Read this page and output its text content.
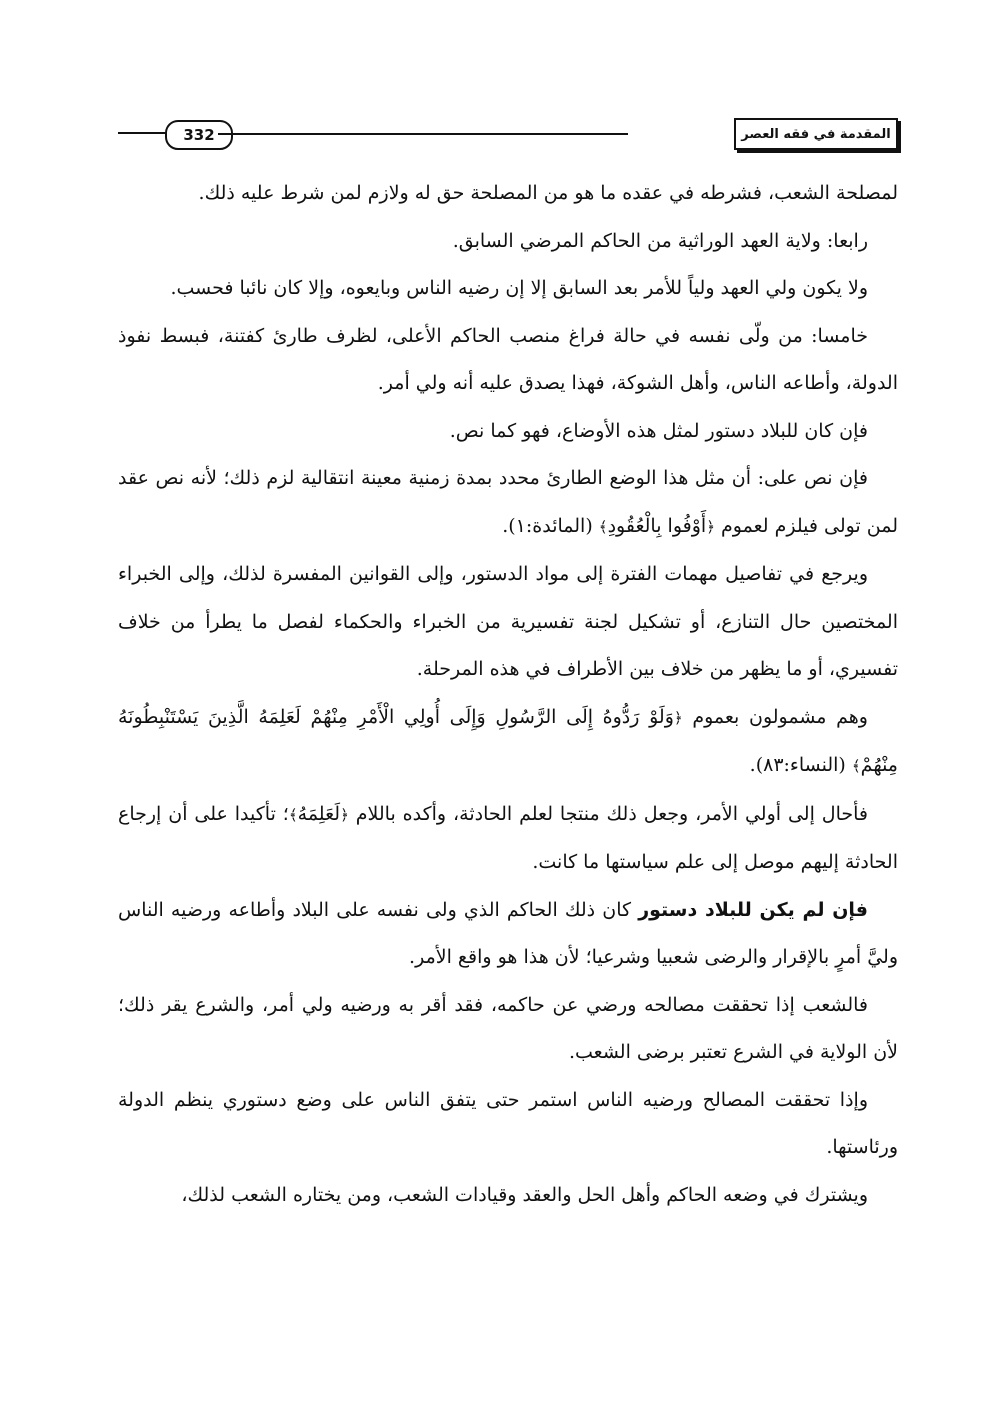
332	المقدمة في فقه العصر

لمصلحة الشعب، فشرطه في عقده ما هو من المصلحة حق له ولازم لمن شرط عليه ذلك.

رابعا: ولاية العهد الوراثية من الحاكم المرضي السابق.

ولا يكون ولي العهد ولياً للأمر بعد السابق إلا إن رضيه الناس وبايعوه، وإلا كان نائبا فحسب.

خامسا: من ولّى نفسه في حالة فراغ منصب الحاكم الأعلى، لظرف طارئ كفتنة، فبسط نفوذ الدولة، وأطاعه الناس، وأهل الشوكة، فهذا يصدق عليه أنه ولي أمر.

فإن كان للبلاد دستور لمثل هذه الأوضاع، فهو كما نص.

فإن نص على: أن مثل هذا الوضع الطارئ محدد بمدة زمنية معينة انتقالية لزم ذلك؛ لأنه نص عقد لمن تولى فيلزم لعموم ﴿أَوْفُوا بِالْعُقُودِ﴾ (المائدة:١).

ويرجع في تفاصيل مهمات الفترة إلى مواد الدستور، وإلى القوانين المفسرة لذلك، وإلى الخبراء المختصين حال التنازع، أو تشكيل لجنة تفسيرية من الخبراء والحكماء لفصل ما يطرأ من خلاف تفسيري، أو ما يظهر من خلاف بين الأطراف في هذه المرحلة.

وهم مشمولون بعموم ﴿وَلَوْ رَدُّوهُ إِلَى الرَّسُولِ وَإِلَى أُولِي الْأَمْرِ مِنْهُمْ لَعَلِمَهُ الَّذِينَ يَسْتَنْبِطُونَهُ مِنْهُمْ﴾ (النساء:٨٣).

فأحال إلى أولي الأمر، وجعل ذلك منتجا لعلم الحادثة، وأكده باللام ﴿لَعَلِمَهُ﴾؛ تأكيدا على أن إرجاع الحادثة إليهم موصل إلى علم سياستها ما كانت.

فإن لم يكن للبلاد دستور كان ذلك الحاكم الذي ولى نفسه على البلاد وأطاعه ورضيه الناس وليَّ أمرٍ بالإقرار والرضى شعبيا وشرعيا؛ لأن هذا هو واقع الأمر.

فالشعب إذا تحققت مصالحه ورضي عن حاكمه، فقد أقر به ورضيه ولي أمر، والشرع يقر ذلك؛ لأن الولاية في الشرع تعتبر برضى الشعب.

وإذا تحققت المصالح ورضيه الناس استمر حتى يتفق الناس على وضع دستوري ينظم الدولة ورئاستها.

ويشترك في وضعه الحاكم وأهل الحل والعقد وقيادات الشعب، ومن يختاره الشعب لذلك،
